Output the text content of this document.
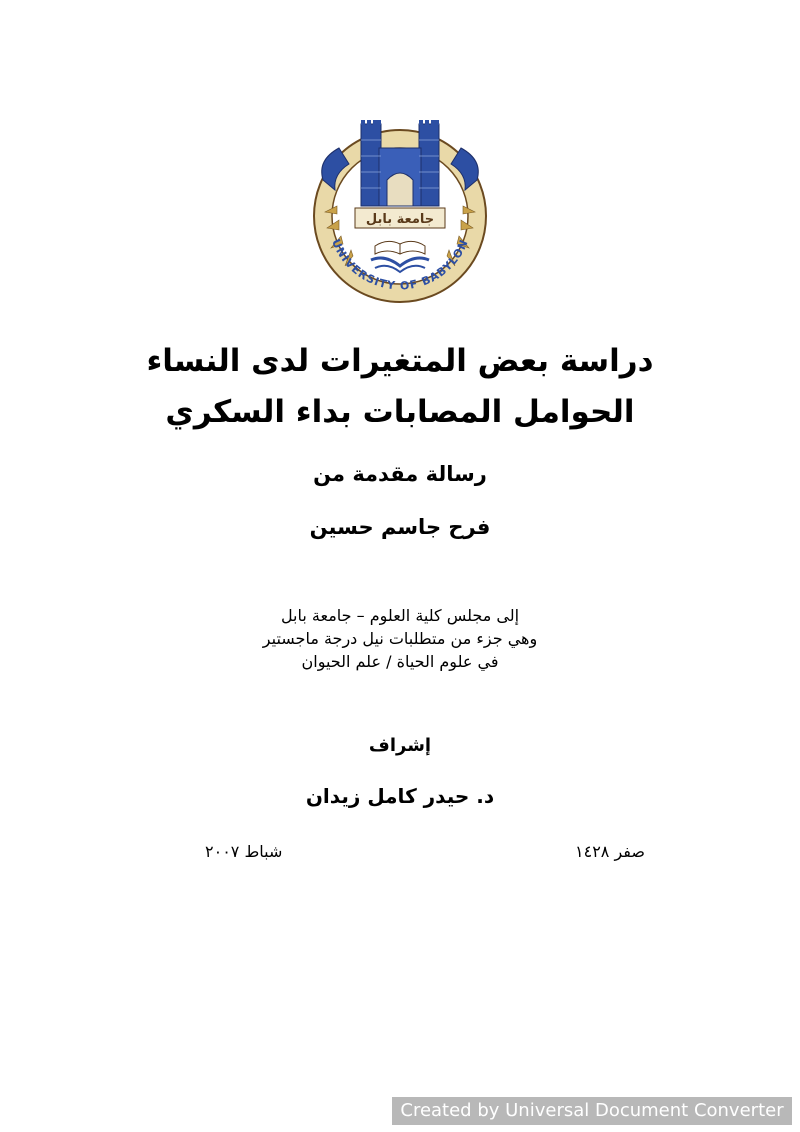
جامعة بابل
UNIVERSITY OF BABYLON
دراسة بعض المتغيرات لدى النساء
الحوامل المصابات بداء السكري
رسالة مقدمة من
فرح جاسم حسين
إلى مجلس كلية العلوم – جامعة بابل
وهي جزء من متطلبات نيل درجة ماجستير
في علوم الحياة / علم الحيوان
إشراف
د. حيدر كامل زيدان
شباط ٢٠٠٧	صفر ١٤٢٨
Created by Universal Document Converter
